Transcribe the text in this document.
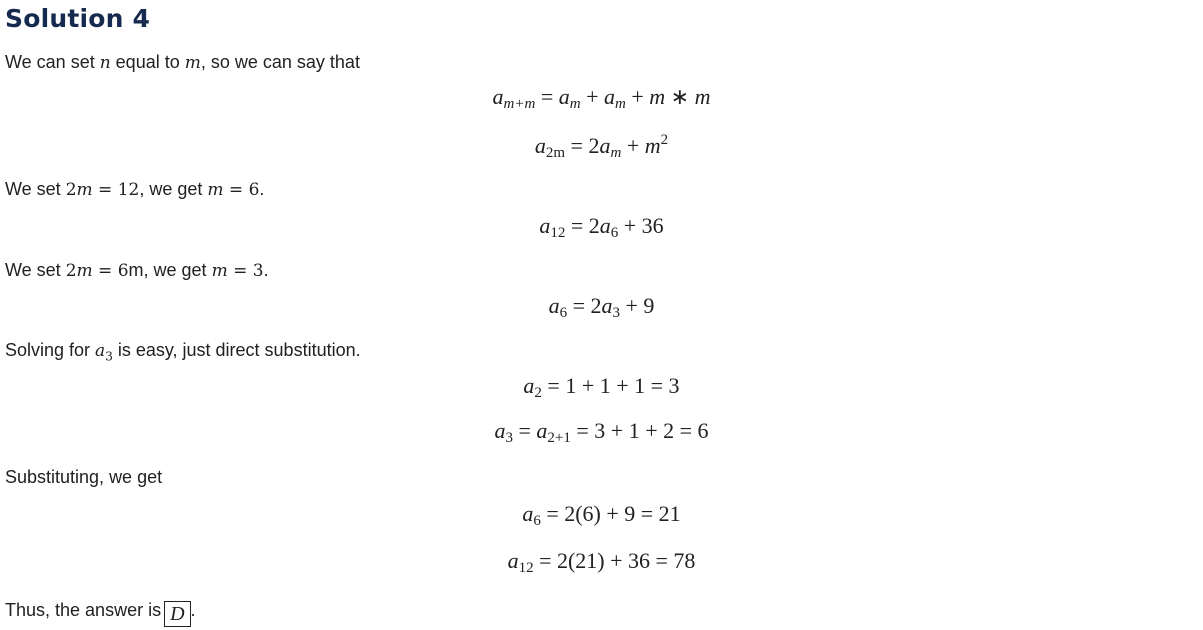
Solution 4
We can set n equal to m, so we can say that
$a_{m+m} = a_m + a_m + m$ ∗ m
$a_{2m} = 2a_m + m^2$
We set 2m = 12, we get m = 6.
$a_{12} = 2a_6 + 36$
We set 2m = 6m, we get m = 3.
$a_6 = 2a_3 + 9$
Solving for $a_3$ is easy, just direct substitution.
$a_2 = 1 + 1 + 1 = 3$
$a_3 = a_{2+1} = 3 + 1 + 2 = 6$
Substituting, we get
$a_6 = 2(6) + 9 = 21$
$a_{12} = 2(21) + 36 = 78$
Thus, the answer is D .
